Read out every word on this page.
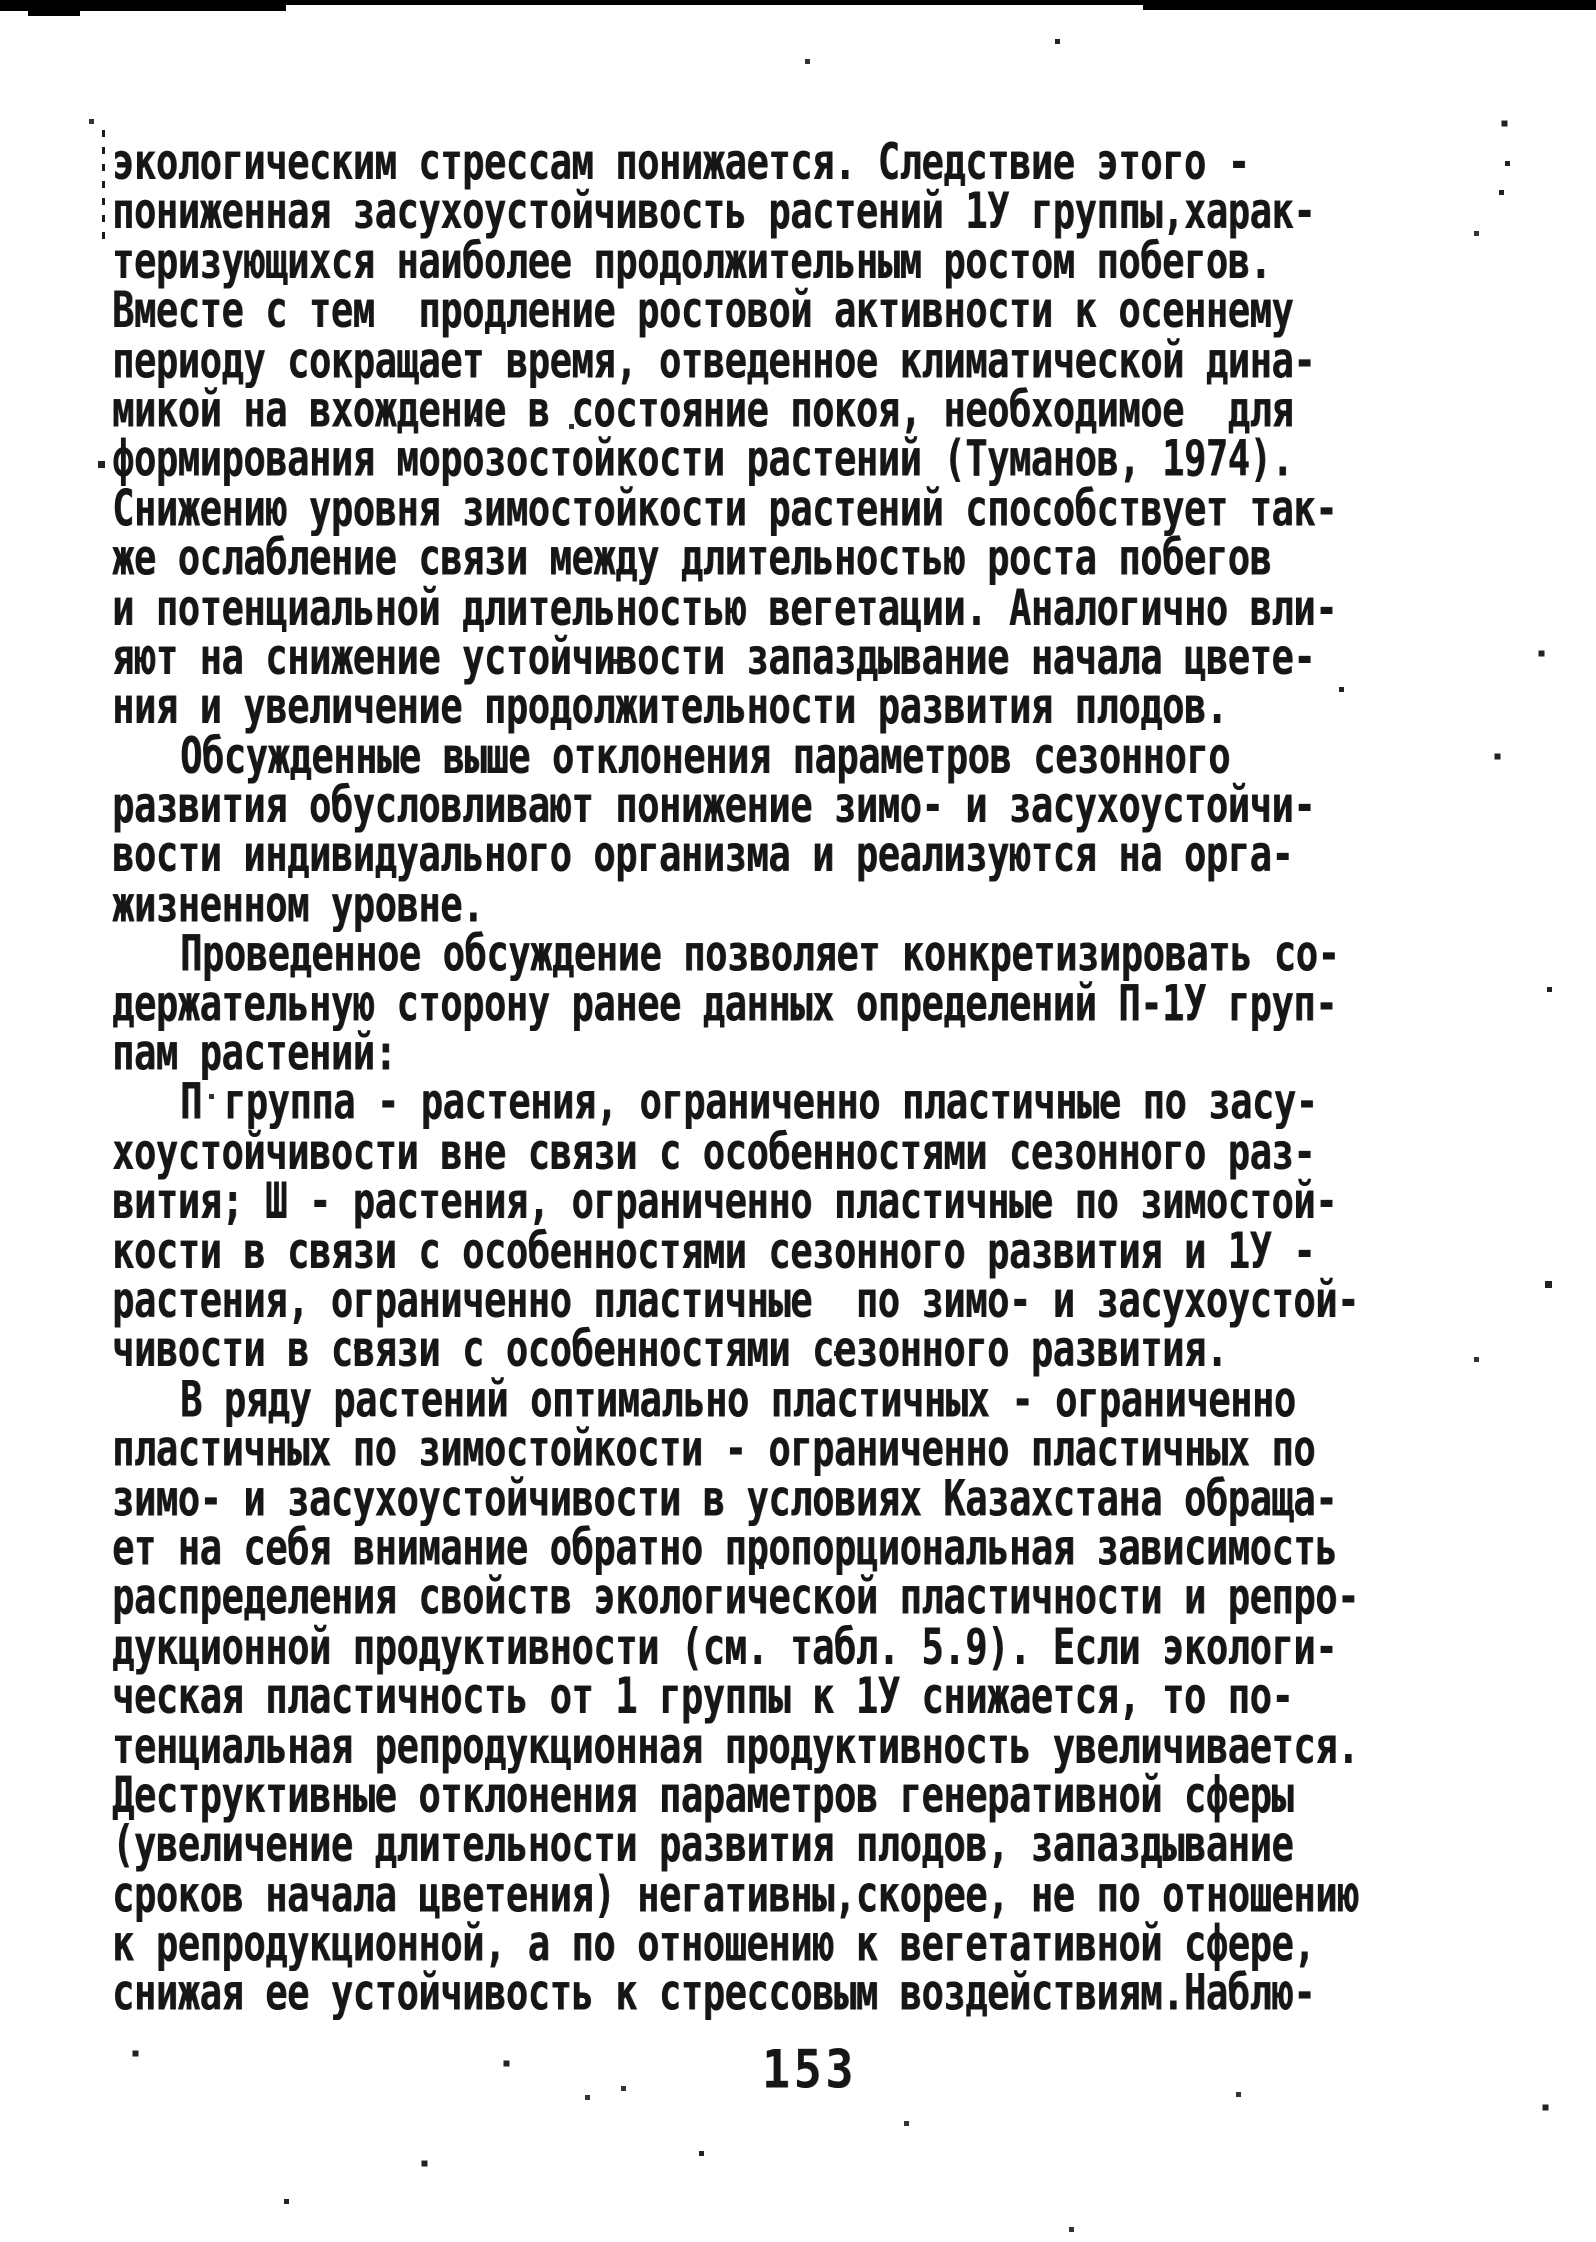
экологическим стрессам понижается. Следствие этого -
пониженная засухоустойчивость растений 1У группы,харак-
теризующихся наиболее продолжительным ростом побегов.
Вместе с тем  продление ростовой активности к осеннему
периоду сокращает время, отведенное климатической дина-
микой на вхождение в состояние покоя, необходимое  для
формирования морозостойкости растений (Туманов, 1974).
Снижению уровня зимостойкости растений способствует так-
же ослабление связи между длительностью роста побегов
и потенциальной длительностью вегетации. Аналогично вли-
яют на снижение устойчивости запаздывание начала цвете-
ния и увеличение продолжительности развития плодов.
Обсужденные выше отклонения параметров сезонного
развития обусловливают понижение зимо- и засухоустойчи-
вости индивидуального организма и реализуются на орга-
жизненном уровне.
Проведенное обсуждение позволяет конкретизировать со-
держательную сторону ранее данных определений П-1У груп-
пам растений:
П группа - растения, ограниченно пластичные по засу-
хоустойчивости вне связи с особенностями сезонного раз-
вития; Ш - растения, ограниченно пластичные по зимостой-
кости в связи с особенностями сезонного развития и 1У -
растения, ограниченно пластичные  по зимо- и засухоустой-
чивости в связи с особенностями сезонного развития.
В ряду растений оптимально пластичных - ограниченно
пластичных по зимостойкости - ограниченно пластичных по
зимо- и засухоустойчивости в условиях Казахстана обраща-
ет на себя внимание обратно пропорциональная зависимость
распределения свойств экологической пластичности и репро-
дукционной продуктивности (см. табл. 5.9). Если экологи-
ческая пластичность от 1 группы к 1У снижается, то по-
тенциальная репродукционная продуктивность увеличивается.
Деструктивные отклонения параметров генеративной сферы
(увеличение длительности развития плодов, запаздывание
сроков начала цветения) негативны,скорее, не по отношению
к репродукционной, а по отношению к вегетативной сфере,
снижая ее устойчивость к стрессовым воздействиям.Наблю-
153
